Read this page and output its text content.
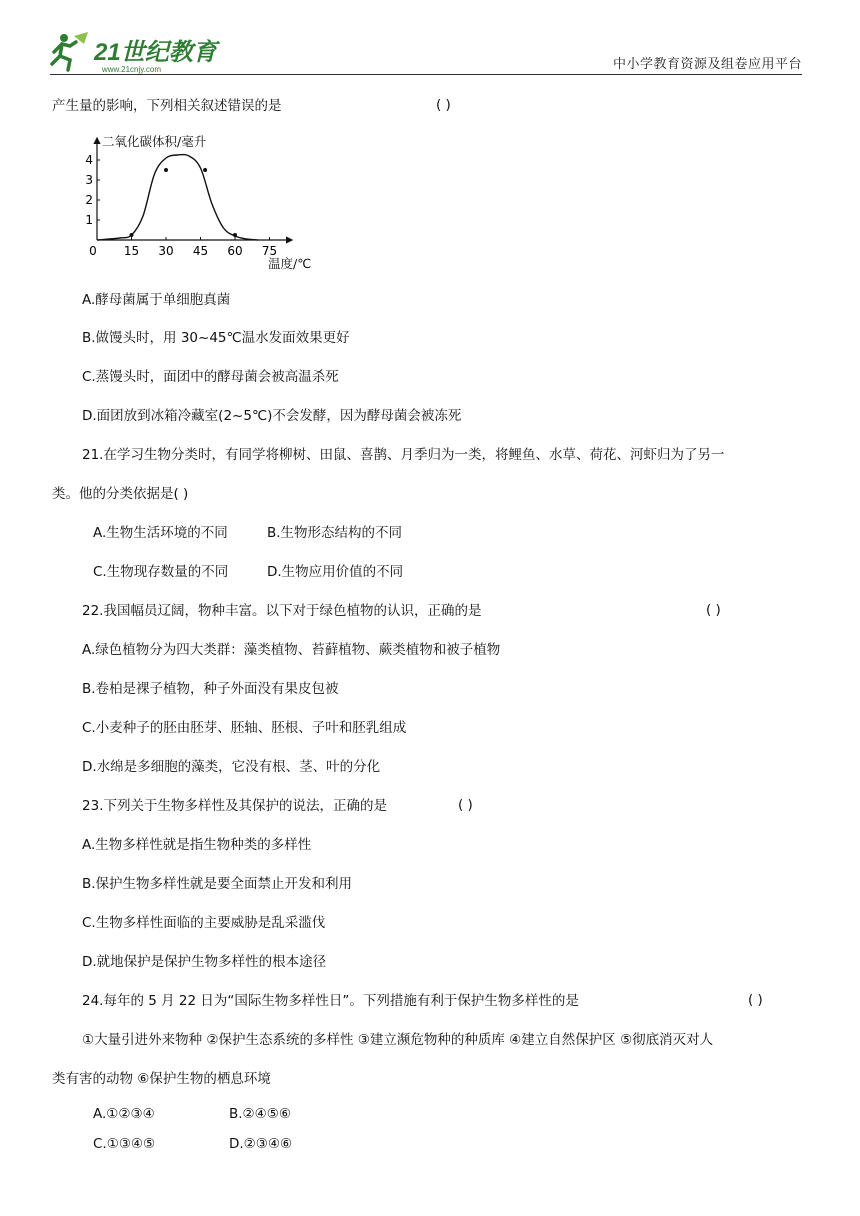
21世纪教育
www.21cnjy.com	中小学教育资源及组卷应用平台
产生量的影响，下列相关叙述错误的是	( )
二氧化碳体积/毫升
温度/℃
0 15 30 45 60 75
1
2
3
4
A.酵母菌属于单细胞真菌
B.做馒头时，用 30~45℃温水发面效果更好
C.蒸馒头时，面团中的酵母菌会被高温杀死
D.面团放到冰箱冷藏室(2~5℃)不会发酵，因为酵母菌会被冻死
21.在学习生物分类时，有同学将柳树、田鼠、喜鹊、月季归为一类，将鲤鱼、水草、荷花、河虾归为了另一
类。他的分类依据是( )
A.生物生活环境的不同	B.生物形态结构的不同
C.生物现存数量的不同	D.生物应用价值的不同
22.我国幅员辽阔，物种丰富。以下对于绿色植物的认识，正确的是	( )
A.绿色植物分为四大类群：藻类植物、苔藓植物、蕨类植物和被子植物
B.卷柏是裸子植物，种子外面没有果皮包被
C.小麦种子的胚由胚芽、胚轴、胚根、子叶和胚乳组成
D.水绵是多细胞的藻类，它没有根、茎、叶的分化
23.下列关于生物多样性及其保护的说法，正确的是	( )
A.生物多样性就是指生物种类的多样性
B.保护生物多样性就是要全面禁止开发和利用
C.生物多样性面临的主要威胁是乱采滥伐
D.就地保护是保护生物多样性的根本途径
24.每年的 5 月 22 日为“国际生物多样性日”。下列措施有利于保护生物多样性的是	( )
①大量引进外来物种 ②保护生态系统的多样性 ③建立濒危物种的种质库 ④建立自然保护区 ⑤彻底消灭对人
类有害的动物 ⑥保护生物的栖息环境
A.①②③④	B.②④⑤⑥
C.①③④⑤	D.②③④⑥
